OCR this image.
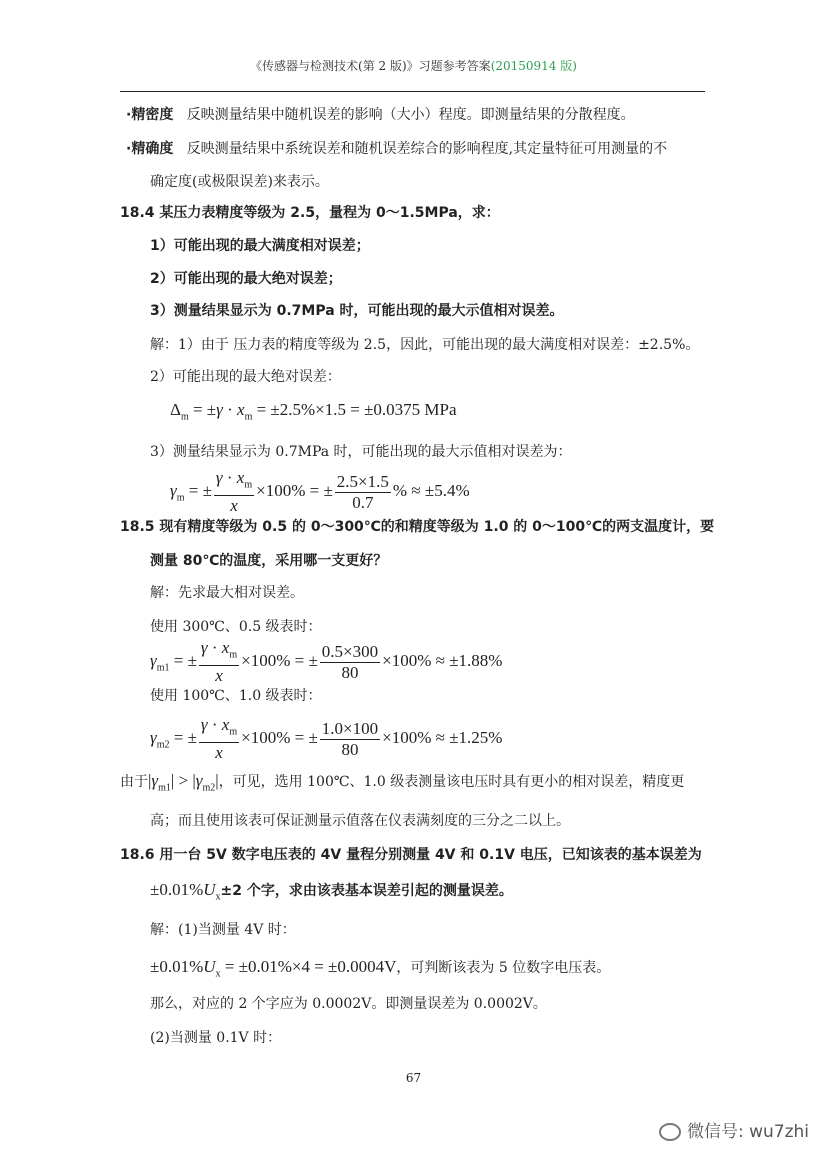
《传感器与检测技术(第 2 版)》习题参考答案(20150914 版)
·精密度 反映测量结果中随机误差的影响（大小）程度。即测量结果的分散程度。
·精确度 反映测量结果中系统误差和随机误差综合的影响程度,其定量特征可用测量的不
确定度(或极限误差)来表示。
18.4 某压力表精度等级为 2.5，量程为 0～1.5MPa，求：
1）可能出现的最大满度相对误差；
2）可能出现的最大绝对误差；
3）测量结果显示为 0.7MPa 时，可能出现的最大示值相对误差。
解：1）由于 压力表的精度等级为 2.5，因此，可能出现的最大满度相对误差：±2.5%。
2）可能出现的最大绝对误差：
$\Delta_m = \pm\gamma \cdot x_m = \pm 2.5\%\times 1.5 = \pm 0.0375$ MPa
3）测量结果显示为 0.7MPa 时，可能出现的最大示值相对误差为：
$\gamma_m$ = ± $\frac{\gamma \cdot x_m}{x} \times 100\%$ = ± $\frac{2.5\times 1.5}{0.7}$ % ≈ ±5.4%
18.5 现有精度等级为 0.5 的 0～300℃的和精度等级为 1.0 的 0～100℃的两支温度计，要
测量 80℃的温度，采用哪一支更好？
解：先求最大相对误差。
使用 300℃、0.5 级表时：
$\gamma_{m1}$ = ± $\frac{\gamma \cdot x_m}{x} \times 100\%$ = ± $\frac{0.5\times 300}{80} \times 100\% \approx \pm 1.88\%$
使用 100℃、1.0 级表时：
$\gamma_{m2}$ = ± $\frac{\gamma \cdot x_m}{x} \times 100\%$ = ± $\frac{1.0\times 100}{80} \times 100\% \approx \pm 1.25\%$
由于$|\gamma_{m1}| > |\gamma_{m2}|$，可见，选用 100℃、1.0 级表测量该电压时具有更小的相对误差，精度更
高；而且使用该表可保证测量示值落在仪表满刻度的三分之二以上。
18.6 用一台 5V 数字电压表的 4V 量程分别测量 4V 和 0.1V 电压，已知该表的基本误差为
$\pm 0.01\%U_x\pm 2$ 个字，求由该表基本误差引起的测量误差。
解：(1)当测量 4V 时：
$\pm 0.01\%U_x = \pm 0.01\%\times 4 = \pm 0.0004V$，可判断该表为 5 位数字电压表。
那么，对应的 2 个字应为 0.0002V。即测量误差为 0.0002V。
(2)当测量 0.1V 时：
67
微信号: wu7zhi
